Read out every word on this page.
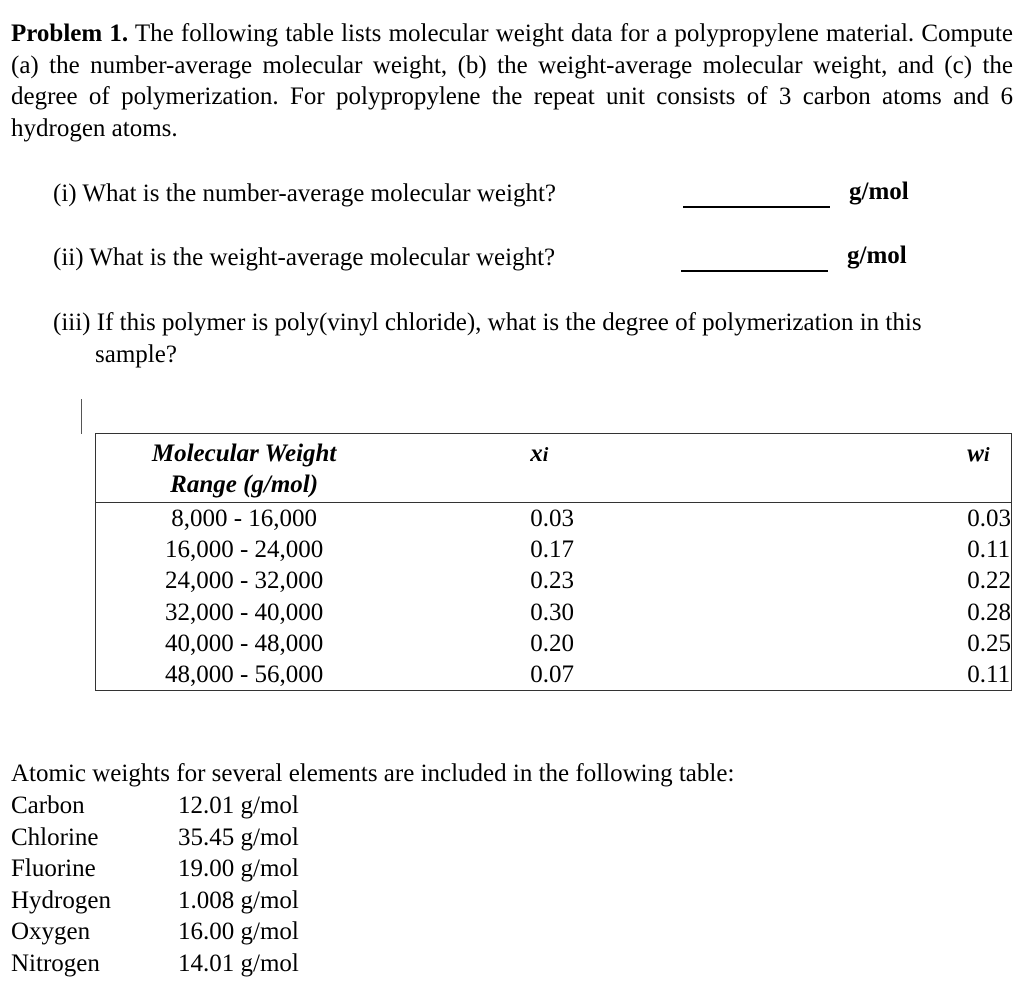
Problem 1. The following table lists molecular weight data for a polypropylene material. Compute (a) the number-average molecular weight, (b) the weight-average molecular weight, and (c) the degree of polymerization. For polypropylene the repeat unit consists of 3 carbon atoms and 6 hydrogen atoms.
(i) What is the number-average molecular weight?	g/mol
(ii) What is the weight-average molecular weight?	g/mol
(iii) If this polymer is poly(vinyl chloride), what is the degree of polymerization in this
sample?
Molecular Weight
Range (g/mol)	xi	wi
8,000 - 16,000	0.03	0.03
16,000 - 24,000	0.17	0.11
24,000 - 32,000	0.23	0.22
32,000 - 40,000	0.30	0.28
40,000 - 48,000	0.20	0.25
48,000 - 56,000	0.07	0.11
Atomic weights for several elements are included in the following table:
Carbon	12.01 g/mol
Chlorine	35.45 g/mol
Fluorine	19.00 g/mol
Hydrogen	1.008 g/mol
Oxygen	16.00 g/mol
Nitrogen	14.01 g/mol
